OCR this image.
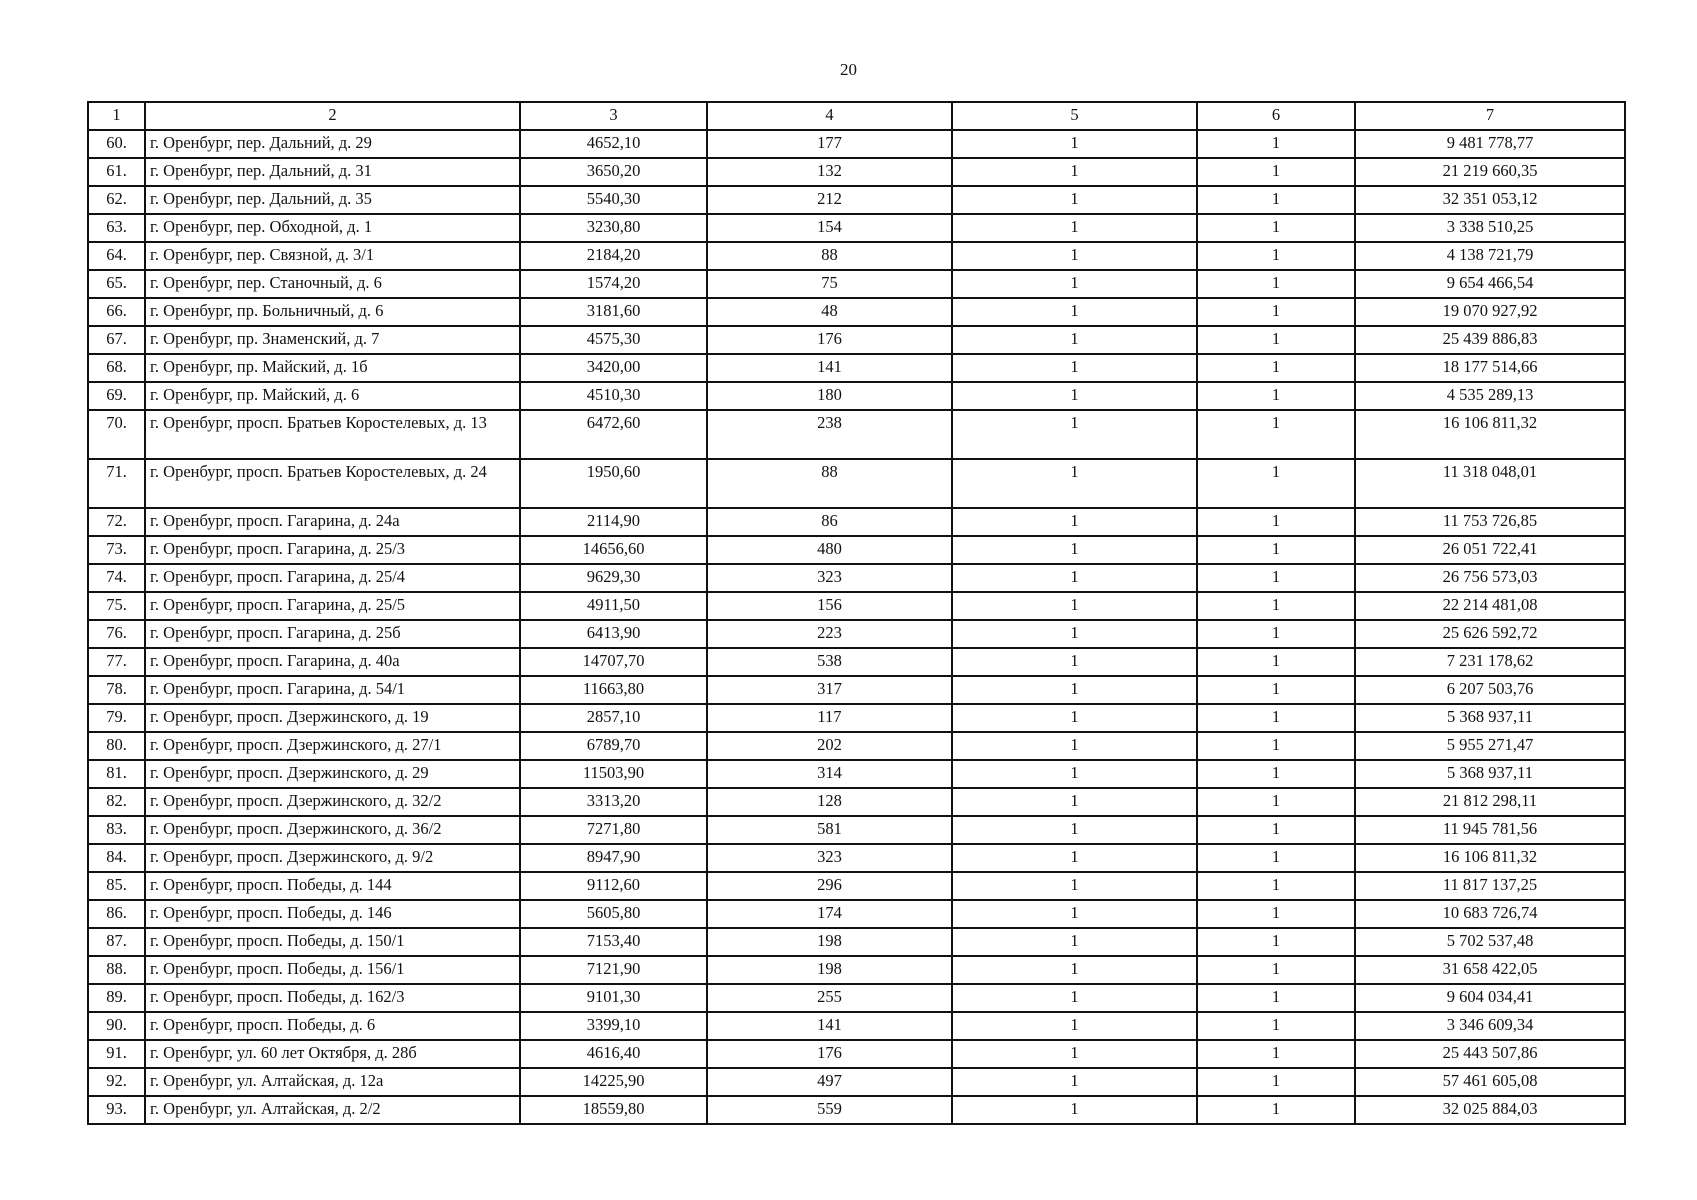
20
1	2	3	4	5	6	7
60.	г. Оренбург, пер. Дальний, д. 29	4652,10	177	1	1	9 481 778,77
61.	г. Оренбург, пер. Дальний, д. 31	3650,20	132	1	1	21 219 660,35
62.	г. Оренбург, пер. Дальний, д. 35	5540,30	212	1	1	32 351 053,12
63.	г. Оренбург, пер. Обходной, д. 1	3230,80	154	1	1	3 338 510,25
64.	г. Оренбург, пер. Связной, д. 3/1	2184,20	88	1	1	4 138 721,79
65.	г. Оренбург, пер. Станочный, д. 6	1574,20	75	1	1	9 654 466,54
66.	г. Оренбург, пр. Больничный, д. 6	3181,60	48	1	1	19 070 927,92
67.	г. Оренбург, пр. Знаменский, д. 7	4575,30	176	1	1	25 439 886,83
68.	г. Оренбург, пр. Майский, д. 1б	3420,00	141	1	1	18 177 514,66
69.	г. Оренбург, пр. Майский, д. 6	4510,30	180	1	1	4 535 289,13
70.	г. Оренбург, просп. Братьев Коростелевых, д. 13	6472,60	238	1	1	16 106 811,32
71.	г. Оренбург, просп. Братьев Коростелевых, д. 24	1950,60	88	1	1	11 318 048,01
72.	г. Оренбург, просп. Гагарина, д. 24а	2114,90	86	1	1	11 753 726,85
73.	г. Оренбург, просп. Гагарина, д. 25/3	14656,60	480	1	1	26 051 722,41
74.	г. Оренбург, просп. Гагарина, д. 25/4	9629,30	323	1	1	26 756 573,03
75.	г. Оренбург, просп. Гагарина, д. 25/5	4911,50	156	1	1	22 214 481,08
76.	г. Оренбург, просп. Гагарина, д. 25б	6413,90	223	1	1	25 626 592,72
77.	г. Оренбург, просп. Гагарина, д. 40а	14707,70	538	1	1	7 231 178,62
78.	г. Оренбург, просп. Гагарина, д. 54/1	11663,80	317	1	1	6 207 503,76
79.	г. Оренбург, просп. Дзержинского, д. 19	2857,10	117	1	1	5 368 937,11
80.	г. Оренбург, просп. Дзержинского, д. 27/1	6789,70	202	1	1	5 955 271,47
81.	г. Оренбург, просп. Дзержинского, д. 29	11503,90	314	1	1	5 368 937,11
82.	г. Оренбург, просп. Дзержинского, д. 32/2	3313,20	128	1	1	21 812 298,11
83.	г. Оренбург, просп. Дзержинского, д. 36/2	7271,80	581	1	1	11 945 781,56
84.	г. Оренбург, просп. Дзержинского, д. 9/2	8947,90	323	1	1	16 106 811,32
85.	г. Оренбург, просп. Победы, д. 144	9112,60	296	1	1	11 817 137,25
86.	г. Оренбург, просп. Победы, д. 146	5605,80	174	1	1	10 683 726,74
87.	г. Оренбург, просп. Победы, д. 150/1	7153,40	198	1	1	5 702 537,48
88.	г. Оренбург, просп. Победы, д. 156/1	7121,90	198	1	1	31 658 422,05
89.	г. Оренбург, просп. Победы, д. 162/3	9101,30	255	1	1	9 604 034,41
90.	г. Оренбург, просп. Победы, д. 6	3399,10	141	1	1	3 346 609,34
91.	г. Оренбург, ул. 60 лет Октября, д. 28б	4616,40	176	1	1	25 443 507,86
92.	г. Оренбург, ул. Алтайская, д. 12а	14225,90	497	1	1	57 461 605,08
93.	г. Оренбург, ул. Алтайская, д. 2/2	18559,80	559	1	1	32 025 884,03
